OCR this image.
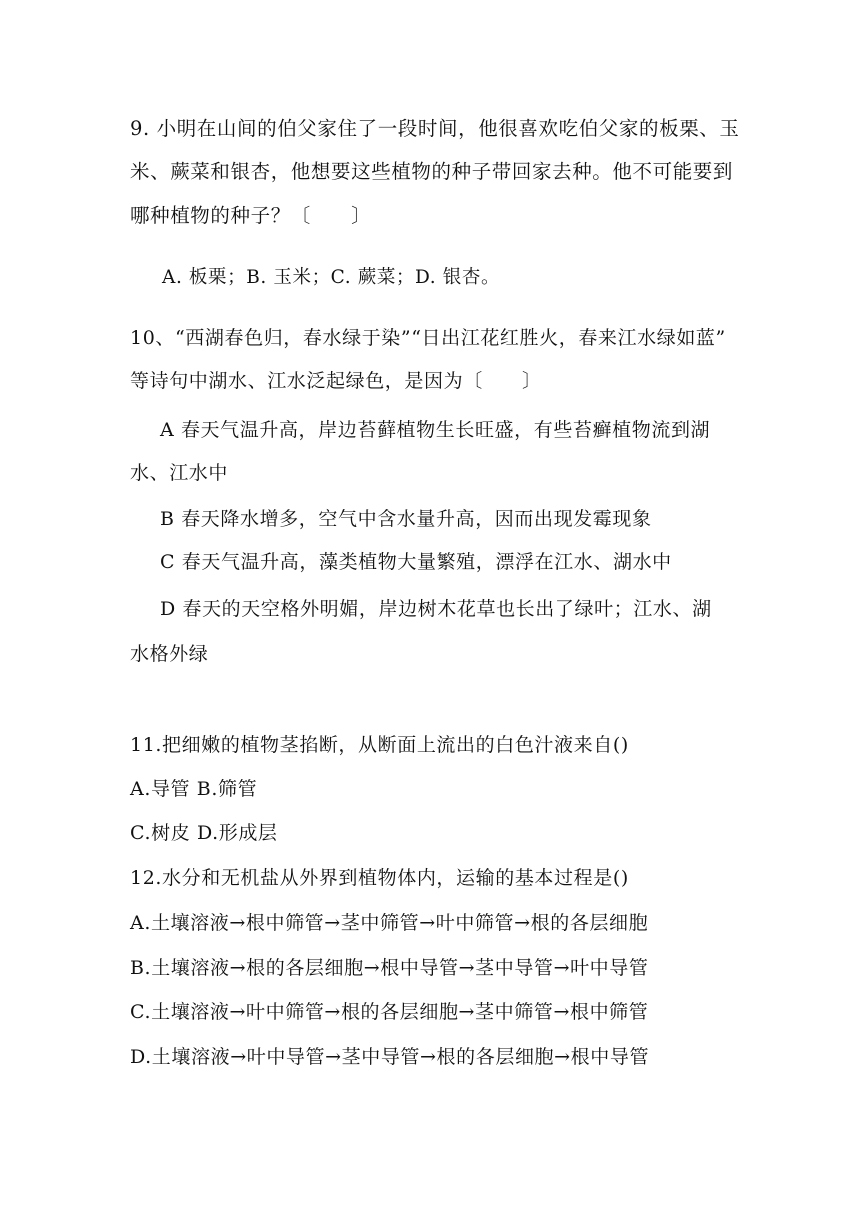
9. 小明在山间的伯父家住了一段时间，他很喜欢吃伯父家的板栗、玉
米、蕨菜和银杏，他想要这些植物的种子带回家去种。他不可能要到
哪种植物的种子？〔　　〕
A. 板栗；B. 玉米；C. 蕨菜；D. 银杏。
10、“西湖春色归，春水绿于染”“日出江花红胜火，春来江水绿如蓝”
等诗句中湖水、江水泛起绿色，是因为〔　　〕
A 春天气温升高，岸边苔藓植物生长旺盛，有些苔癣植物流到湖
水、江水中
B 春天降水增多，空气中含水量升高，因而出现发霉现象
C 春天气温升高，藻类植物大量繁殖，漂浮在江水、湖水中
D 春天的天空格外明媚，岸边树木花草也长出了绿叶；江水、湖
水格外绿
11.把细嫩的植物茎掐断，从断面上流出的白色汁液来自()
A.导管 B.筛管
C.树皮 D.形成层
12.水分和无机盐从外界到植物体内，运输的基本过程是()
A.土壤溶液→根中筛管→茎中筛管→叶中筛管→根的各层细胞
B.土壤溶液→根的各层细胞→根中导管→茎中导管→叶中导管
C.土壤溶液→叶中筛管→根的各层细胞→茎中筛管→根中筛管
D.土壤溶液→叶中导管→茎中导管→根的各层细胞→根中导管
